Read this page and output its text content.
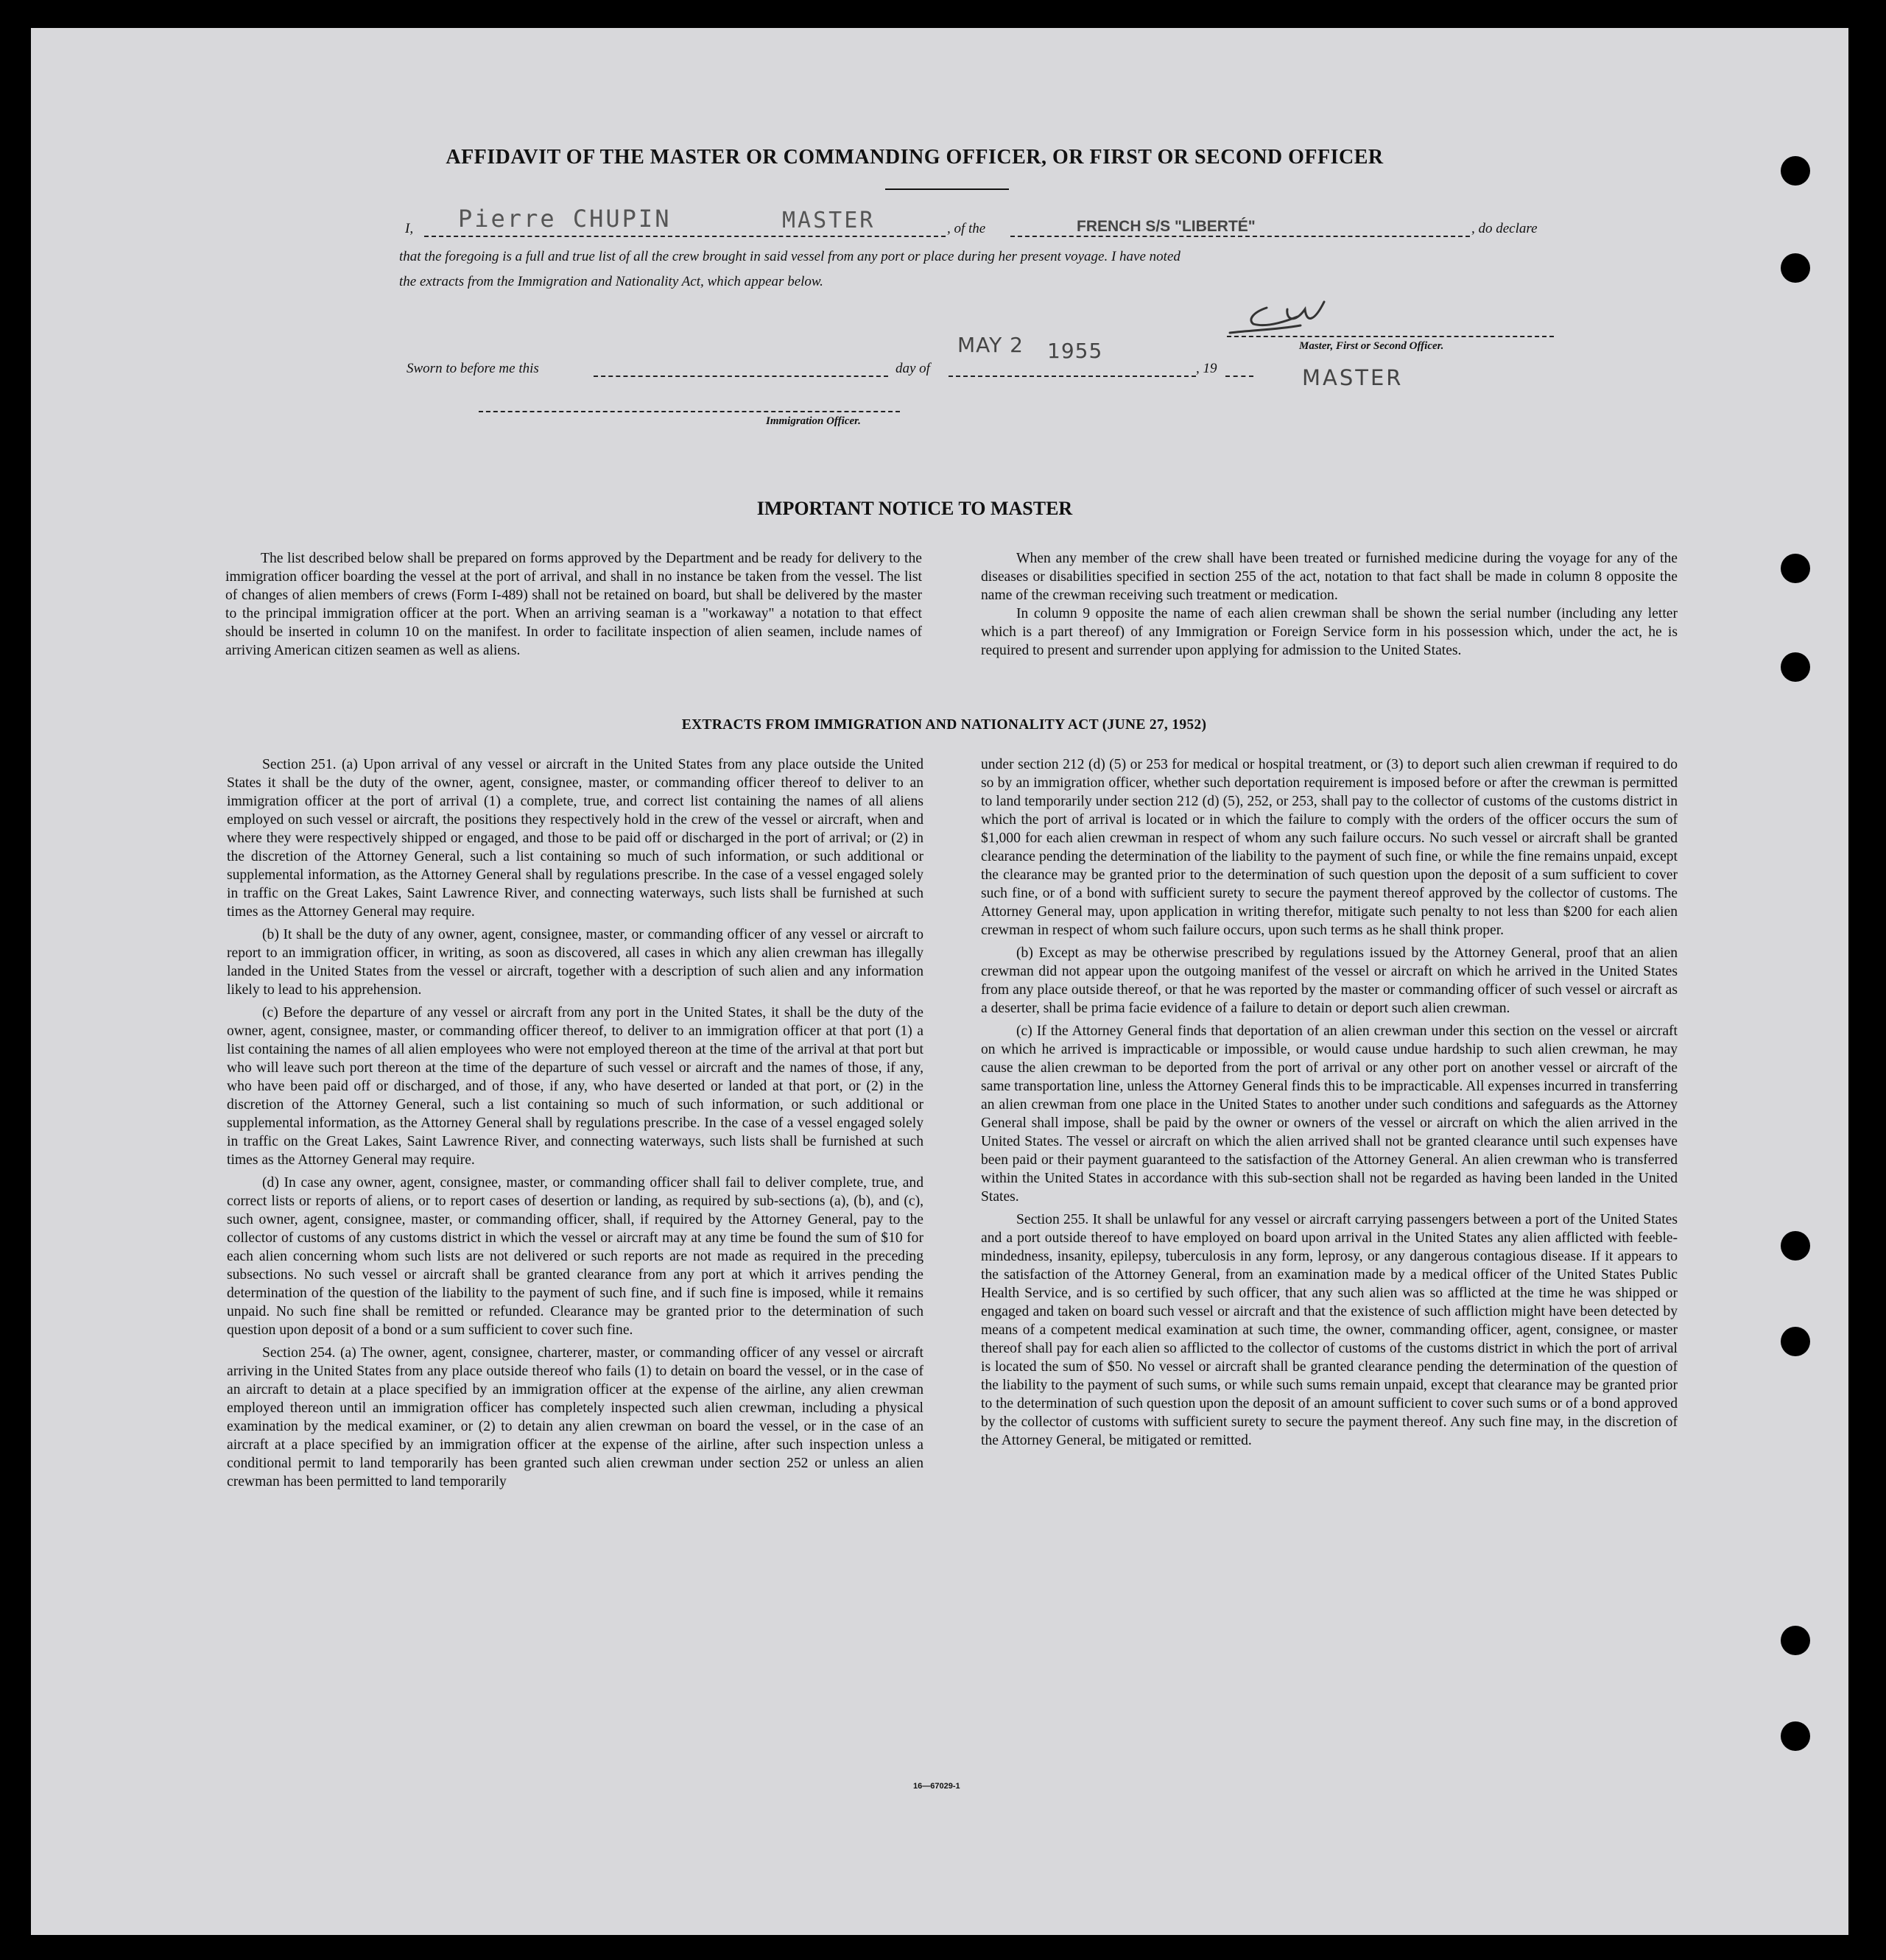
AFFIDAVIT OF THE MASTER OR COMMANDING OFFICER, OR FIRST OR SECOND OFFICER
I, Pierre CHUPIN	MASTER	, of the	FRENCH S/S "LIBERTÉ"	, do declare
that the foregoing is a full and true list of all the crew brought in said vessel from any port or place during her present voyage. I have noted
the extracts from the Immigration and Nationality Act, which appear below.
Master, First or Second Officer.
Sworn to before me this	day of
MAY 2 1955
, 19	MASTER
Immigration Officer.
IMPORTANT NOTICE TO MASTER

The list described below shall be prepared on forms approved by the Department and be ready for delivery to the immigration officer boarding the vessel at the port of arrival, and shall in no instance be taken from the vessel. The list of changes of alien members of crews (Form I-489) shall not be retained on board, but shall be delivered by the master to the principal immigration officer at the port. When an arriving seaman is a "workaway" a notation to that effect should be inserted in column 10 on the manifest. In order to facilitate inspection of alien seamen, include names of arriving American citizen seamen as well as aliens.

When any member of the crew shall have been treated or furnished medicine during the voyage for any of the diseases or disabilities specified in section 255 of the act, notation to that fact shall be made in column 8 opposite the name of the crewman receiving such treatment or medication.

In column 9 opposite the name of each alien crewman shall be shown the serial number (including any letter which is a part thereof) of any Immigration or Foreign Service form in his possession which, under the act, he is required to present and surrender upon applying for admission to the United States.

EXTRACTS FROM IMMIGRATION AND NATIONALITY ACT (JUNE 27, 1952)

Section 251. (a) Upon arrival of any vessel or aircraft in the United States from any place outside the United States it shall be the duty of the owner, agent, consignee, master, or commanding officer thereof to deliver to an immigration officer at the port of arrival (1) a complete, true, and correct list containing the names of all aliens employed on such vessel or aircraft, the positions they respectively hold in the crew of the vessel or aircraft, when and where they were respectively shipped or engaged, and those to be paid off or discharged in the port of arrival; or (2) in the discretion of the Attorney General, such a list containing so much of such information, or such additional or supplemental information, as the Attorney General shall by regulations prescribe. In the case of a vessel engaged solely in traffic on the Great Lakes, Saint Lawrence River, and connecting waterways, such lists shall be furnished at such times as the Attorney General may require.

(b) It shall be the duty of any owner, agent, consignee, master, or commanding officer of any vessel or aircraft to report to an immigration officer, in writing, as soon as discovered, all cases in which any alien crewman has illegally landed in the United States from the vessel or aircraft, together with a description of such alien and any information likely to lead to his apprehension.

(c) Before the departure of any vessel or aircraft from any port in the United States, it shall be the duty of the owner, agent, consignee, master, or commanding officer thereof, to deliver to an immigration officer at that port (1) a list containing the names of all alien employees who were not employed thereon at the time of the arrival at that port but who will leave such port thereon at the time of the departure of such vessel or aircraft and the names of those, if any, who have been paid off or discharged, and of those, if any, who have deserted or landed at that port, or (2) in the discretion of the Attorney General, such a list containing so much of such information, or such additional or supplemental information, as the Attorney General shall by regulations prescribe. In the case of a vessel engaged solely in traffic on the Great Lakes, Saint Lawrence River, and connecting waterways, such lists shall be furnished at such times as the Attorney General may require.

(d) In case any owner, agent, consignee, master, or commanding officer shall fail to deliver complete, true, and correct lists or reports of aliens, or to report cases of desertion or landing, as required by sub-sections (a), (b), and (c), such owner, agent, consignee, master, or commanding officer, shall, if required by the Attorney General, pay to the collector of customs of any customs district in which the vessel or aircraft may at any time be found the sum of $10 for each alien concerning whom such lists are not delivered or such reports are not made as required in the preceding subsections. No such vessel or aircraft shall be granted clearance from any port at which it arrives pending the determination of the question of the liability to the payment of such fine, and if such fine is imposed, while it remains unpaid. No such fine shall be remitted or refunded. Clearance may be granted prior to the determination of such question upon deposit of a bond or a sum sufficient to cover such fine.

Section 254. (a) The owner, agent, consignee, charterer, master, or commanding officer of any vessel or aircraft arriving in the United States from any place outside thereof who fails (1) to detain on board the vessel, or in the case of an aircraft to detain at a place specified by an immigration officer at the expense of the airline, any alien crewman employed thereon until an immigration officer has completely inspected such alien crewman, including a physical examination by the medical examiner, or (2) to detain any alien crewman on board the vessel, or in the case of an aircraft at a place specified by an immigration officer at the expense of the airline, after such inspection unless a conditional permit to land temporarily has been granted such alien crewman under section 252 or unless an alien crewman has been permitted to land temporarily

under section 212 (d) (5) or 253 for medical or hospital treatment, or (3) to deport such alien crewman if required to do so by an immigration officer, whether such deportation requirement is imposed before or after the crewman is permitted to land temporarily under section 212 (d) (5), 252, or 253, shall pay to the collector of customs of the customs district in which the port of arrival is located or in which the failure to comply with the orders of the officer occurs the sum of $1,000 for each alien crewman in respect of whom any such failure occurs. No such vessel or aircraft shall be granted clearance pending the determination of the liability to the payment of such fine, or while the fine remains unpaid, except the clearance may be granted prior to the determination of such question upon the deposit of a sum sufficient to cover such fine, or of a bond with sufficient surety to secure the payment thereof approved by the collector of customs. The Attorney General may, upon application in writing therefor, mitigate such penalty to not less than $200 for each alien crewman in respect of whom such failure occurs, upon such terms as he shall think proper.

(b) Except as may be otherwise prescribed by regulations issued by the Attorney General, proof that an alien crewman did not appear upon the outgoing manifest of the vessel or aircraft on which he arrived in the United States from any place outside thereof, or that he was reported by the master or commanding officer of such vessel or aircraft as a deserter, shall be prima facie evidence of a failure to detain or deport such alien crewman.

(c) If the Attorney General finds that deportation of an alien crewman under this section on the vessel or aircraft on which he arrived is impracticable or impossible, or would cause undue hardship to such alien crewman, he may cause the alien crewman to be deported from the port of arrival or any other port on another vessel or aircraft of the same transportation line, unless the Attorney General finds this to be impracticable. All expenses incurred in transferring an alien crewman from one place in the United States to another under such conditions and safeguards as the Attorney General shall impose, shall be paid by the owner or owners of the vessel or aircraft on which the alien arrived in the United States. The vessel or aircraft on which the alien arrived shall not be granted clearance until such expenses have been paid or their payment guaranteed to the satisfaction of the Attorney General. An alien crewman who is transferred within the United States in accordance with this sub-section shall not be regarded as having been landed in the United States.

Section 255. It shall be unlawful for any vessel or aircraft carrying passengers between a port of the United States and a port outside thereof to have employed on board upon arrival in the United States any alien afflicted with feeble-mindedness, insanity, epilepsy, tuberculosis in any form, leprosy, or any dangerous contagious disease. If it appears to the satisfaction of the Attorney General, from an examination made by a medical officer of the United States Public Health Service, and is so certified by such officer, that any such alien was so afflicted at the time he was shipped or engaged and taken on board such vessel or aircraft and that the existence of such affliction might have been detected by means of a competent medical examination at such time, the owner, commanding officer, agent, consignee, or master thereof shall pay for each alien so afflicted to the collector of customs of the customs district in which the port of arrival is located the sum of $50. No vessel or aircraft shall be granted clearance pending the determination of the question of the liability to the payment of such sums, or while such sums remain unpaid, except that clearance may be granted prior to the determination of such question upon the deposit of an amount sufficient to cover such sums or of a bond approved by the collector of customs with sufficient surety to secure the payment thereof. Any such fine may, in the discretion of the Attorney General, be mitigated or remitted.

16—67029-1
